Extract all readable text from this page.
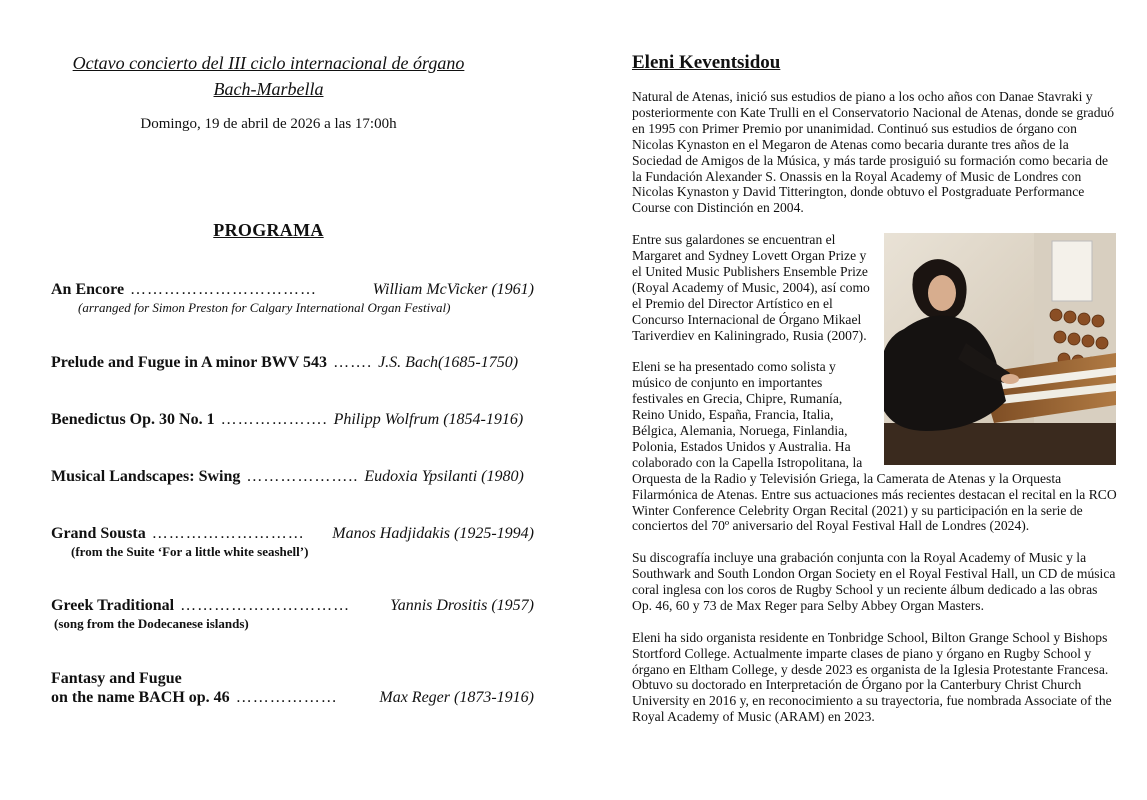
Octavo concierto del III ciclo internacional de órgano
Bach-Marbella
Domingo, 19 de abril de 2026 a las 17:00h
PROGRAMA
An Encore ……………………………	William McVicker (1961)
(arranged for Simon Preston for Calgary International Organ Festival)
Prelude and Fugue in A minor BWV 543 ……. J.S. Bach(1685-1750)
Benedictus Op. 30 No. 1 ………………. Philipp Wolfrum (1854-1916)
Musical Landscapes: Swing ……………….. Eudoxia Ypsilanti (1980)
Grand Sousta ………………………	Manos Hadjidakis (1925-1994)
(from the Suite ‘For a little white seashell’)
Greek Traditional …………………………	Yannis Drositis (1957)
(song from the Dodecanese islands)
Fantasy and Fugue
on the name BACH op. 46 ………………	Max Reger (1873-1916)
Eleni Keventsidou

Natural de Atenas, inició sus estudios de piano a los ocho años con Danae Stavraki y posteriormente con Kate Trulli en el Conservatorio Nacional de Atenas, donde se graduó en 1995 con Primer Premio por unanimidad. Continuó sus estudios de órgano con Nicolas Kynaston en el Megaron de Atenas como becaria durante tres años de la Sociedad de Amigos de la Música, y más tarde prosiguió su formación como becaria de la Fundación Alexander S. Onassis en la Royal Academy of Music de Londres con Nicolas Kynaston y David Titterington, donde obtuvo el Postgraduate Performance Course con Distinción en 2004.

Entre sus galardones se encuentran el Margaret and Sydney Lovett Organ Prize y el United Music Publishers Ensemble Prize (Royal Academy of Music, 2004), así como el Premio del Director Artístico en el Concurso Internacional de Órgano Mikael Tariverdiev en Kaliningrado, Rusia (2007).

Eleni se ha presentado como solista y músico de conjunto en importantes festivales en Grecia, Chipre, Rumanía, Reino Unido, España, Francia, Italia, Bélgica, Alemania, Noruega, Finlandia, Polonia, Estados Unidos y Australia. Ha colaborado con la Capella Istropolitana, la Orquesta de la Radio y Televisión Griega, la Camerata de Atenas y la Orquesta Filarmónica de Atenas. Entre sus actuaciones más recientes destacan el recital en la RCO Winter Conference Celebrity Organ Recital (2021) y su participación en la serie de conciertos del 70º aniversario del Royal Festival Hall de Londres (2024).

Su discografía incluye una grabación conjunta con la Royal Academy of Music y la Southwark and South London Organ Society en el Royal Festival Hall, un CD de música coral inglesa con los coros de Rugby School y un reciente álbum dedicado a las obras Op. 46, 60 y 73 de Max Reger para Selby Abbey Organ Masters.

Eleni ha sido organista residente en Tonbridge School, Bilton Grange School y Bishops Stortford College. Actualmente imparte clases de piano y órgano en Rugby School y órgano en Eltham College, y desde 2023 es organista de la Iglesia Protestante Francesa. Obtuvo su doctorado en Interpretación de Órgano por la Canterbury Christ Church University en 2016 y, en reconocimiento a su trayectoria, fue nombrada Associate of the Royal Academy of Music (ARAM) en 2023.
